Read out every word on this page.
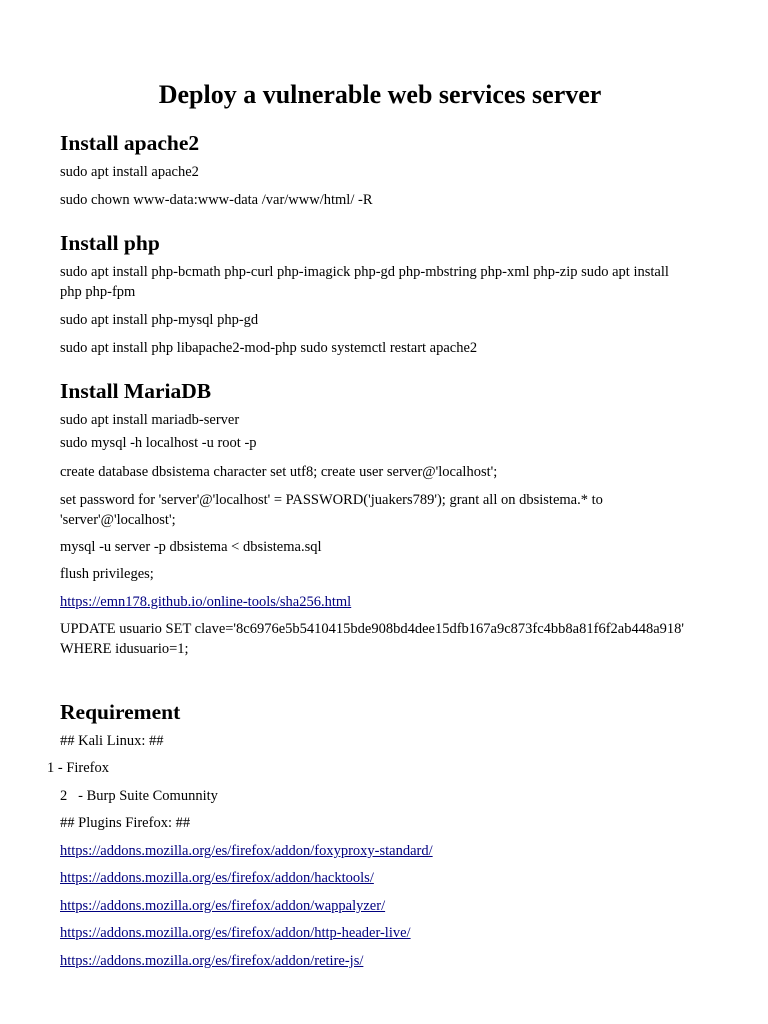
Deploy a vulnerable web services server
Install apache2

sudo apt install apache2

sudo chown www-data:www-data /var/www/html/ -R

Install php

sudo apt install php-bcmath php-curl php-imagick php-gd php-mbstring php-xml php-zip sudo apt install php php-fpm

sudo apt install php-mysql php-gd

sudo apt install php libapache2-mod-php sudo systemctl restart apache2

Install MariaDB

sudo apt install mariadb-server

sudo mysql -h localhost -u root -p

create database dbsistema character set utf8; create user server@'localhost';

set password for 'server'@'localhost' = PASSWORD('juakers789'); grant all on dbsistema.* to 'server'@'localhost';

mysql -u server -p dbsistema < dbsistema.sql

flush privileges;

https://emn178.github.io/online-tools/sha256.html

UPDATE usuario SET clave='8c6976e5b5410415bde908bd4dee15dfb167a9c873fc4bb8a81f6f2ab448a918' WHERE idusuario=1;

Requirement

## Kali Linux: ##

1 - Firefox

2   - Burp Suite Comunnity

## Plugins Firefox: ##

https://addons.mozilla.org/es/firefox/addon/foxyproxy-standard/

https://addons.mozilla.org/es/firefox/addon/hacktools/

https://addons.mozilla.org/es/firefox/addon/wappalyzer/

https://addons.mozilla.org/es/firefox/addon/http-header-live/

https://addons.mozilla.org/es/firefox/addon/retire-js/
